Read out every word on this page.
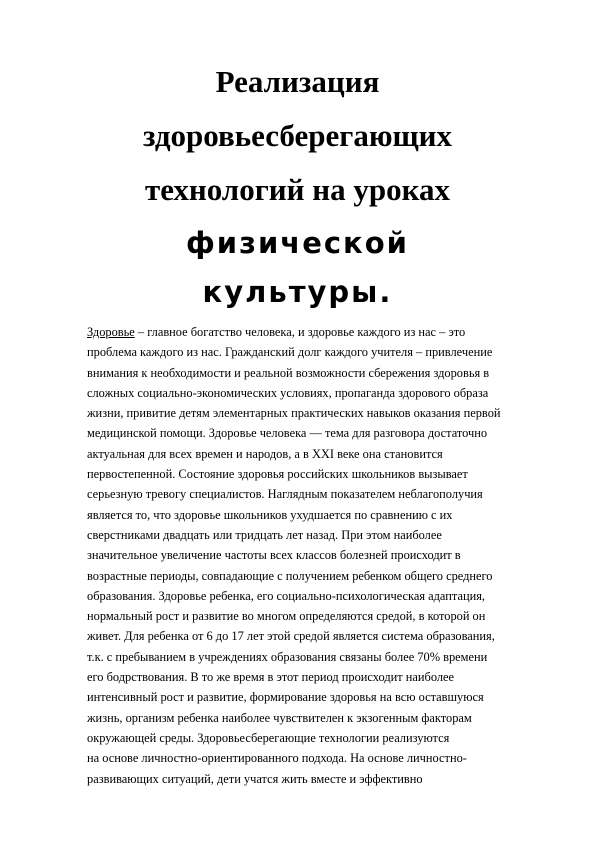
Реализация
здоровьесберегающих
технологий на уроках
физической
культуры.
Здоровье – главное богатство человека, и здоровье каждого из нас – это
проблема каждого из нас. Гражданский долг каждого учителя – привлечение
внимания к необходимости и реальной возможности сбережения здоровья в
сложных социально-экономических условиях, пропаганда здорового образа
жизни, привитие детям элементарных практических навыков оказания первой
медицинской помощи. Здоровье человека — тема для разговора достаточно
актуальная для всех времен и народов, а в XXI веке она становится
первостепенной. Состояние здоровья российских школьников вызывает
серьезную тревогу специалистов. Наглядным показателем неблагополучия
является то, что здоровье школьников ухудшается по сравнению с их
сверстниками двадцать или тридцать лет назад. При этом наиболее
значительное увеличение частоты всех классов болезней происходит в
возрастные периоды, совпадающие с получением ребенком общего среднего
образования. Здоровье ребенка, его социально-психологическая адаптация,
нормальный рост и развитие во многом определяются средой, в которой он
живет. Для ребенка от 6 до 17 лет этой средой является система образования,
т.к. с пребыванием в учреждениях образования связаны более 70% времени
его бодрствования. В то же время в этот период происходит наиболее
интенсивный рост и развитие, формирование здоровья на всю оставшуюся
жизнь, организм ребенка наиболее чувствителен к экзогенным факторам
окружающей среды. Здоровьесберегающие технологии реализуются
на основе личностно-ориентированного подхода. На основе личностно-
развивающих ситуаций, дети учатся жить вместе и эффективно
